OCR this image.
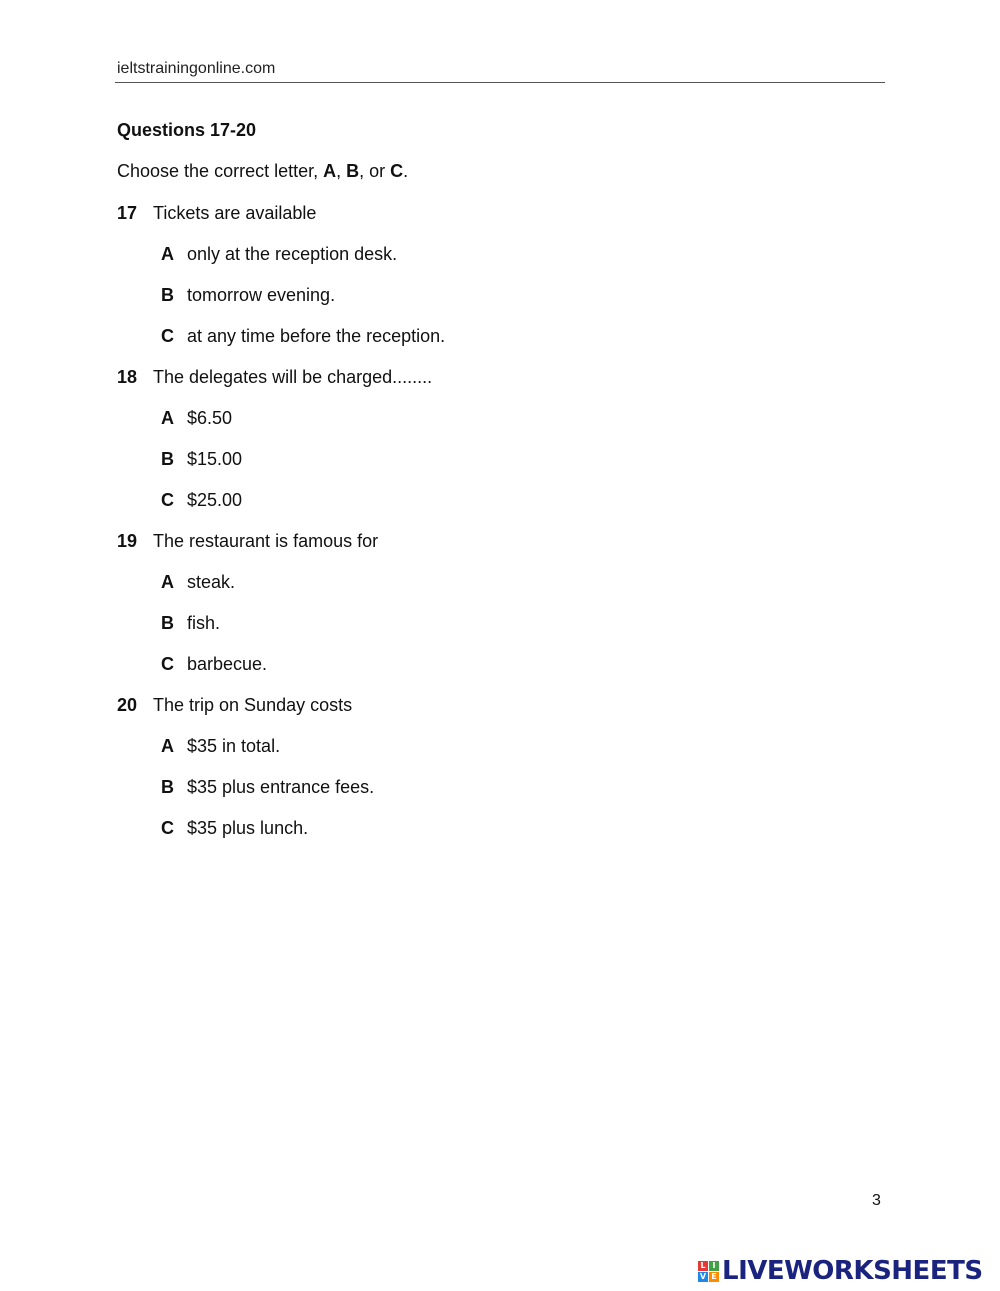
ieltstrainingonline.com
Questions 17-20
Choose the correct letter, A, B, or C.
17 Tickets are available
A only at the reception desk.
B tomorrow evening.
C at any time before the reception.
18 The delegates will be charged........
A $6.50
B $15.00
C $25.00
19 The restaurant is famous for
A steak.
B fish.
C barbecue.
20 The trip on Sunday costs
A $35 in total.
B $35 plus entrance fees.
C $35 plus lunch.
3
L I
V E LIVEWORKSHEETS
